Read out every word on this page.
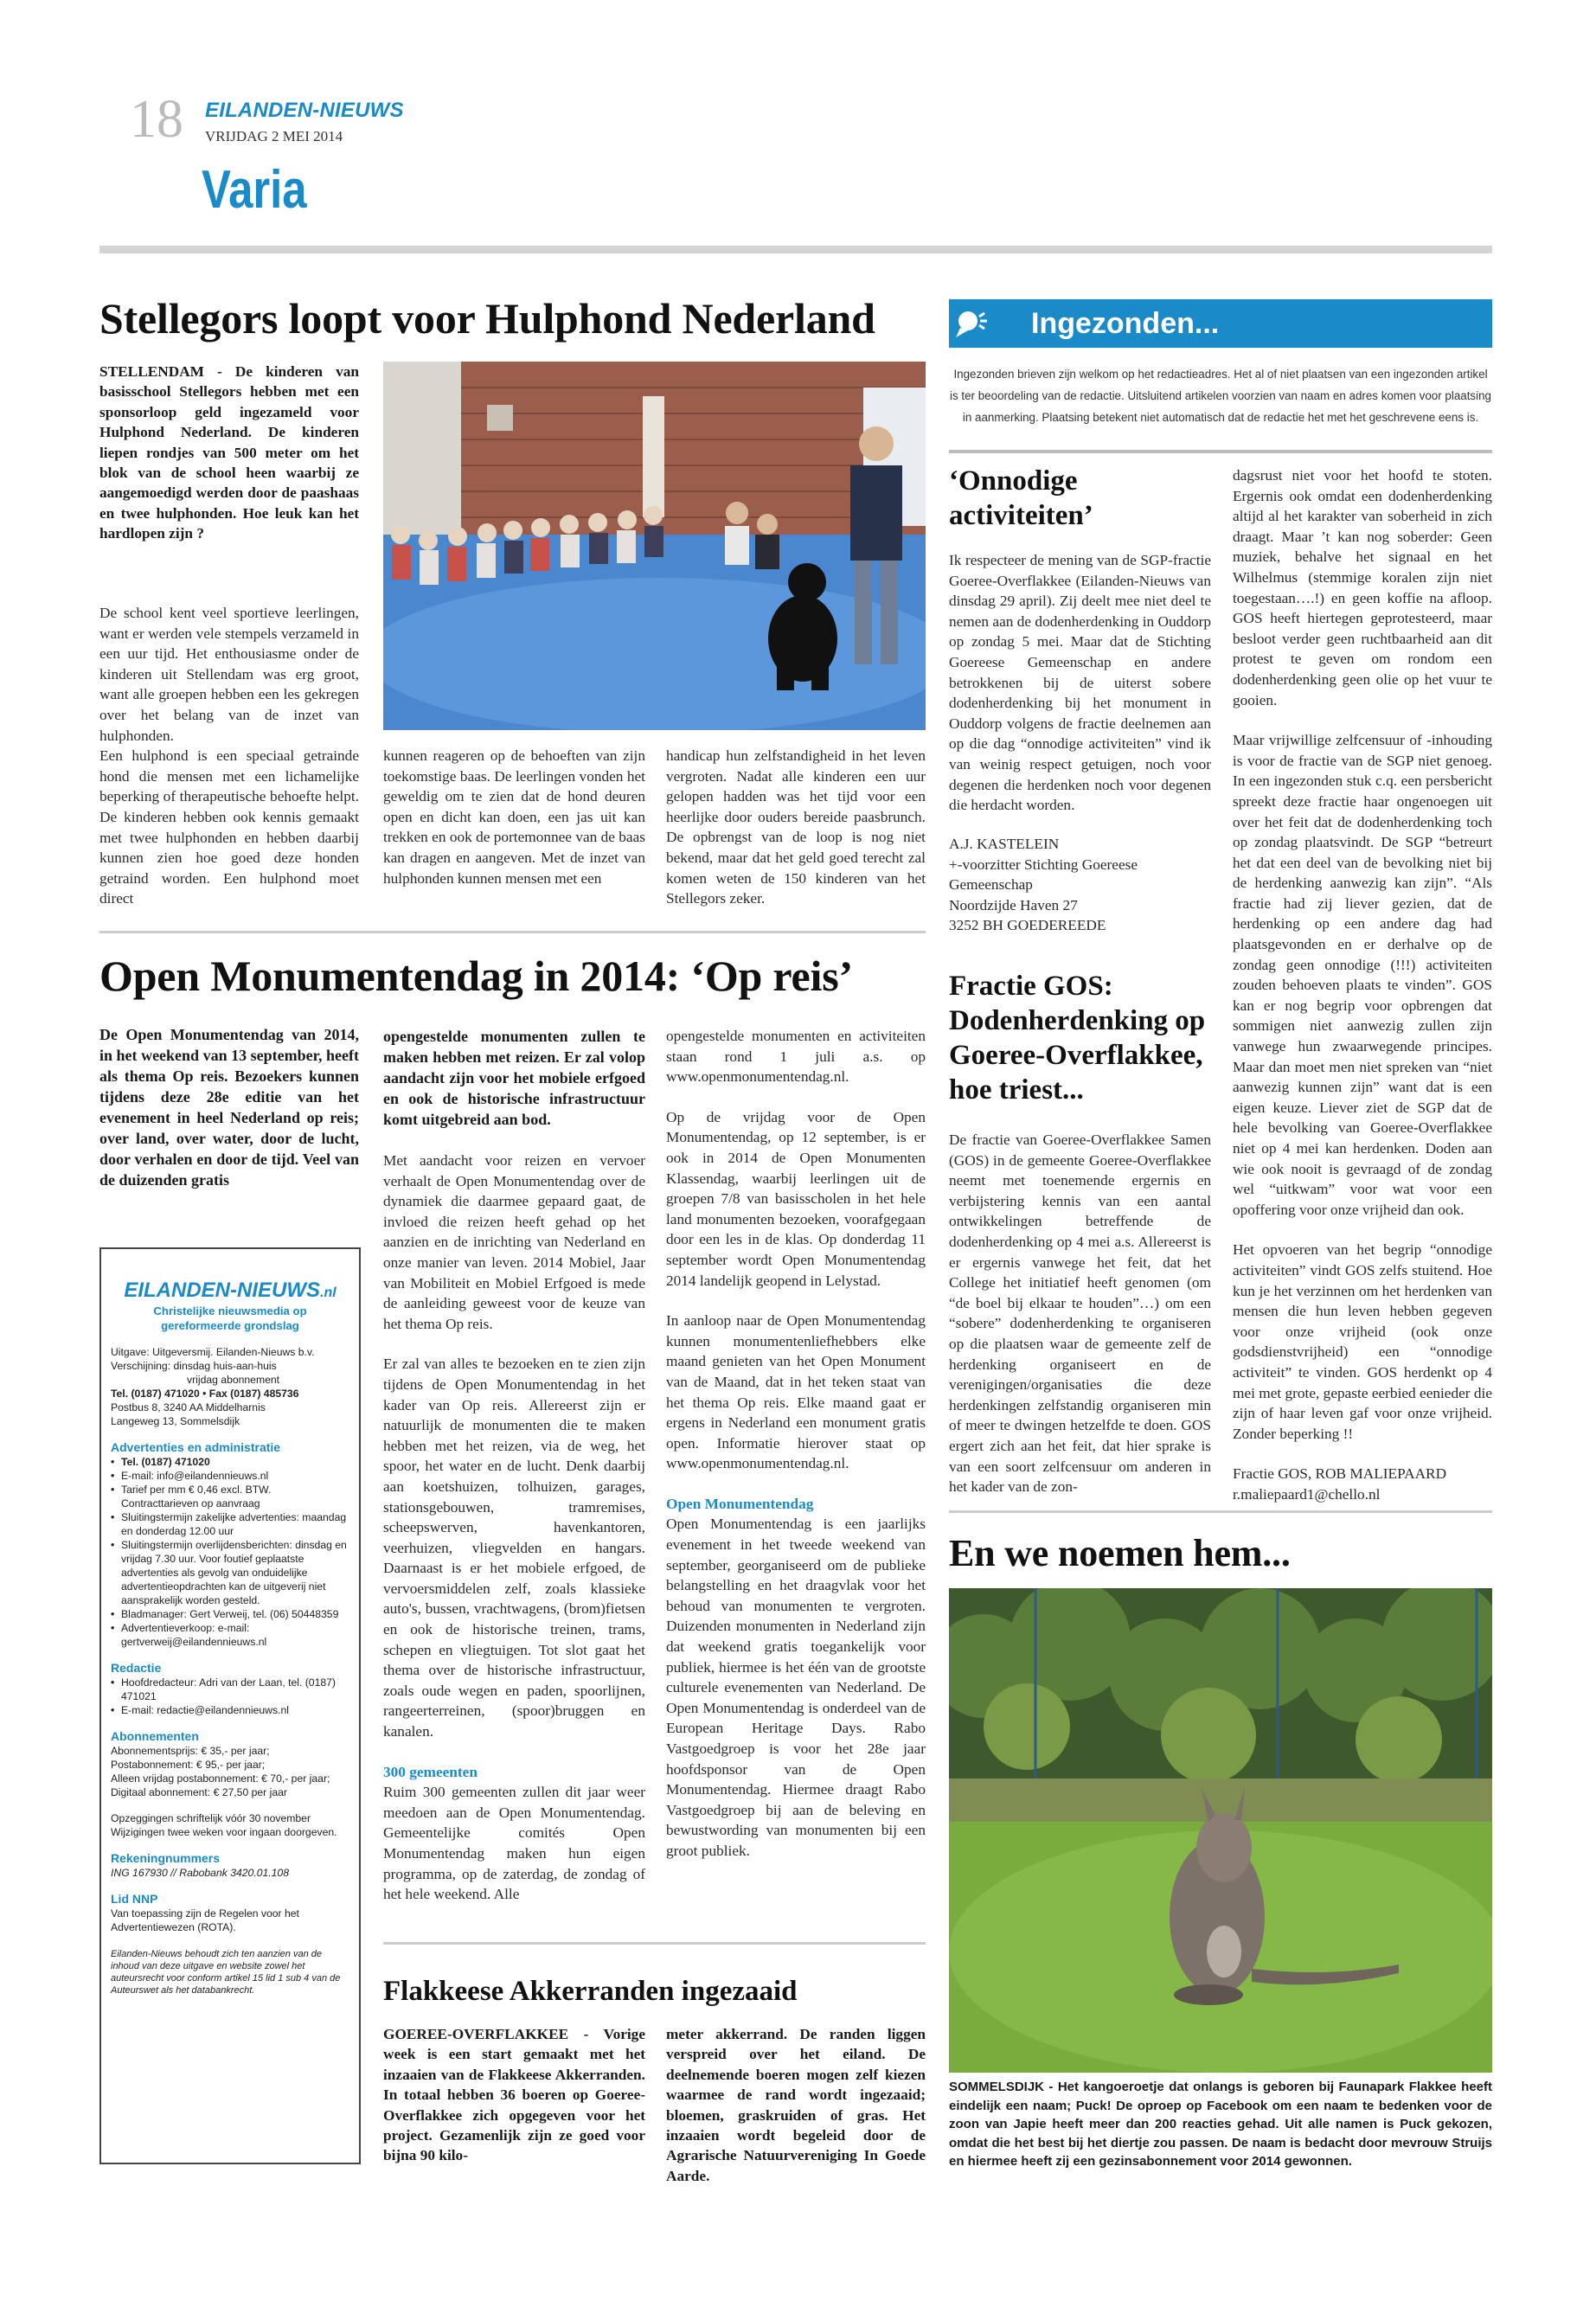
18 EILANDEN-NIEUWS
VRIJDAG 2 MEI 2014
Varia
Stellegors loopt voor Hulphond Nederland
STELLENDAM - De kinderen van basisschool Stellegors hebben met een sponsorloop geld ingezameld voor Hulphond Nederland. De kinderen liepen rondjes van 500 meter om het blok van de school heen waarbij ze aangemoedigd werden door de paashaas en twee hulphonden. Hoe leuk kan het hardlopen zijn ?

De school kent veel sportieve leerlingen, want er werden vele stempels verzameld in een uur tijd. Het enthousiasme onder de kinderen uit Stellendam was erg groot, want alle groepen hebben een les gekregen over het belang van de inzet van hulphonden.

Een hulphond is een speciaal getrainde hond die mensen met een lichamelijke beperking of therapeutische behoefte helpt. De kinderen hebben ook kennis gemaakt met twee hulphonden en hebben daarbij kunnen zien hoe goed deze honden getraind worden. Een hulphond moet direct

kunnen reageren op de behoeften van zijn toekomstige baas. De leerlingen vonden het geweldig om te zien dat de hond deuren open en dicht kan doen, een jas uit kan trekken en ook de portemonnee van de baas kan dragen en aangeven. Met de inzet van hulphonden kunnen mensen met een
handicap hun zelfstandigheid in het leven vergroten. Nadat alle kinderen een uur gelopen hadden was het tijd voor een heerlijke door ouders bereide paasbrunch. De opbrengst van de loop is nog niet bekend, maar dat het geld goed terecht zal komen weten de 150 kinderen van het Stellegors zeker.
Open Monumentendag in 2014: ‘Op reis’
De Open Monumentendag van 2014, in het weekend van 13 september, heeft als thema Op reis. Bezoekers kunnen tijdens deze 28e editie van het evenement in heel Nederland op reis; over land, over water, door de lucht, door verhalen en door de tijd. Veel van de duizenden gratis
EILANDEN-NIEUWS.nl
Christelijke nieuwsmedia op gereformeerde grondslag
Uitgave: Uitgeversmij. Eilanden-Nieuws b.v.
Verschijning: dinsdag huis-aan-huis
vrijdag abonnement
Tel. (0187) 471020 • Fax (0187) 485736
Postbus 8, 3240 AA Middelharnis
Langeweg 13, Sommelsdijk
Advertenties en administratie
• Tel. (0187) 471020
• E-mail: info@eilandennieuws.nl
• Tarief per mm € 0,46 excl. BTW. Contracttarieven op aanvraag
• Sluitingstermijn zakelijke advertenties: maandag en donderdag 12.00 uur
• Sluitingstermijn overlijdensberichten: dinsdag en vrijdag 7.30 uur. Voor foutief geplaatste advertenties als gevolg van onduidelijke advertentieopdrachten kan de uitgeverij niet aansprakelijk worden gesteld.
• Bladmanager: Gert Verweij, tel. (06) 50448359
• Advertentieverkoop: e-mail: gertverweij@eilandennieuws.nl
Redactie
• Hoofdredacteur: Adri van der Laan, tel. (0187) 471021
• E-mail: redactie@eilandennieuws.nl
Abonnementen
Abonnementsprijs: € 35,- per jaar;
Postabonnement: € 95,- per jaar;
Alleen vrijdag postabonnement: € 70,- per jaar;
Digitaal abonnement: € 27,50 per jaar
Opzeggingen schriftelijk vóór 30 november
Wijzigingen twee weken voor ingaan doorgeven.
Rekeningnummers
ING 167930 // Rabobank 3420.01.108
Lid NNP
Van toepassing zijn de Regelen voor het Advertentiewezen (ROTA).
Eilanden-Nieuws behoudt zich ten aanzien van de inhoud van deze uitgave en website zowel het auteursrecht voor conform artikel 15 lid 1 sub 4 van de Auteurswet als het databankrecht.
opengestelde monumenten zullen te maken hebben met reizen. Er zal volop aandacht zijn voor het mobiele erfgoed en ook de historische infrastructuur komt uitgebreid aan bod.

Met aandacht voor reizen en vervoer verhaalt de Open Monumentendag over de dynamiek die daarmee gepaard gaat, de invloed die reizen heeft gehad op het aanzien en de inrichting van Nederland en onze manier van leven. 2014 Mobiel, Jaar van Mobiliteit en Mobiel Erfgoed is mede de aanleiding geweest voor de keuze van het thema Op reis.

Er zal van alles te bezoeken en te zien zijn tijdens de Open Monumentendag in het kader van Op reis. Allereerst zijn er natuurlijk de monumenten die te maken hebben met het reizen, via de weg, het spoor, het water en de lucht. Denk daarbij aan koetshuizen, tolhuizen, garages, stationsgebouwen, tramremises, scheepswerven, havenkantoren, veerhuizen, vliegvelden en hangars. Daarnaast is er het mobiele erfgoed, de vervoersmiddelen zelf, zoals klassieke auto's, bussen, vrachtwagens, (brom)fietsen en ook de historische treinen, trams, schepen en vliegtuigen. Tot slot gaat het thema over de historische infrastructuur, zoals oude wegen en paden, spoorlijnen, rangeerterreinen, (spoor)bruggen en kanalen.

300 gemeenten

Ruim 300 gemeenten zullen dit jaar weer meedoen aan de Open Monumentendag. Gemeentelijke comités Open Monumentendag maken hun eigen programma, op de zaterdag, de zondag of het hele weekend. Alle

opengestelde monumenten en activiteiten staan rond 1 juli a.s. op www.openmonumentendag.nl.

Op de vrijdag voor de Open Monumentendag, op 12 september, is er ook in 2014 de Open Monumenten Klassendag, waarbij leerlingen uit de groepen 7/8 van basisscholen in het hele land monumenten bezoeken, voorafgegaan door een les in de klas. Op donderdag 11 september wordt Open Monumentendag 2014 landelijk geopend in Lelystad.

In aanloop naar de Open Monumentendag kunnen monumentenliefhebbers elke maand genieten van het Open Monument van de Maand, dat in het teken staat van het thema Op reis. Elke maand gaat er ergens in Nederland een monument gratis open. Informatie hierover staat op www.openmonumentendag.nl.

Open Monumentendag

Open Monumentendag is een jaarlijks evenement in het tweede weekend van september, georganiseerd om de publieke belangstelling en het draagvlak voor het behoud van monumenten te vergroten. Duizenden monumenten in Nederland zijn dat weekend gratis toegankelijk voor publiek, hiermee is het één van de grootste culturele evenementen van Nederland. De Open Monumentendag is onderdeel van de European Heritage Days. Rabo Vastgoedgroep is voor het 28e jaar hoofdsponsor van de Open Monumentendag. Hiermee draagt Rabo Vastgoedgroep bij aan de beleving en bewustwording van monumenten bij een groot publiek.

Flakkeese Akkerranden ingezaaid
GOEREE-OVERFLAKKEE - Vorige week is een start gemaakt met het inzaaien van de Flakkeese Akkerranden. In totaal hebben 36 boeren op Goeree-Overflakkee zich opgegeven voor het project. Gezamenlijk zijn ze goed voor bijna 90 kilo-
meter akkerrand. De randen liggen verspreid over het eiland. De deelnemende boeren mogen zelf kiezen waarmee de rand wordt ingezaaid; bloemen, graskruiden of gras. Het inzaaien wordt begeleid door de Agrarische Natuurvereniging In Goede Aarde.
Ingezonden...
Ingezonden brieven zijn welkom op het redactieadres. Het al of niet plaatsen van een ingezonden artikel is ter beoordeling van de redactie. Uitsluitend artikelen voorzien van naam en adres komen voor plaatsing in aanmerking. Plaatsing betekent niet automatisch dat de redactie het met het geschrevene eens is.
‘Onnodige activiteiten’
Ik respecteer de mening van de SGP-fractie Goeree-Overflakkee (Eilanden-Nieuws van dinsdag 29 april). Zij deelt mee niet deel te nemen aan de dodenherdenking in Ouddorp op zondag 5 mei. Maar dat de Stichting Goereese Gemeenschap en andere betrokkenen bij de uiterst sobere dodenherdenking bij het monument in Ouddorp volgens de fractie deelnemen aan op die dag “onnodige activiteiten” vind ik van weinig respect getuigen, noch voor degenen die herdenken noch voor degenen die herdacht worden.
A.J. KASTELEIN
+-voorzitter Stichting Goereese Gemeenschap
Noordzijde Haven 27
3252 BH GOEDEREEDE
Fractie GOS: Dodenherdenking op Goeree-Overflakkee, hoe triest...
De fractie van Goeree-Overflakkee Samen (GOS) in de gemeente Goeree-Overflakkee neemt met toenemende ergernis en verbijstering kennis van een aantal ontwikkelingen betreffende de dodenherdenking op 4 mei a.s. Allereerst is er ergernis vanwege het feit, dat het College het initiatief heeft genomen (om “de boel bij elkaar te houden”…) om een “sobere” dodenherdenking te organiseren op die plaatsen waar de gemeente zelf de herdenking organiseert en de verenigingen/organisaties die deze herdenkingen zelfstandig organiseren min of meer te dwingen hetzelfde te doen. GOS ergert zich aan het feit, dat hier sprake is van een soort zelfcensuur om anderen in het kader van de zon-

dagsrust niet voor het hoofd te stoten. Ergernis ook omdat een dodenherdenking altijd al het karakter van soberheid in zich draagt. Maar ’t kan nog soberder: Geen muziek, behalve het signaal en het Wilhelmus (stemmige koralen zijn niet toegestaan….!) en geen koffie na afloop. GOS heeft hiertegen geprotesteerd, maar besloot verder geen ruchtbaarheid aan dit protest te geven om rondom een dodenherdenking geen olie op het vuur te gooien.

Maar vrijwillige zelfcensuur of -inhouding is voor de fractie van de SGP niet genoeg. In een ingezonden stuk c.q. een persbericht spreekt deze fractie haar ongenoegen uit over het feit dat de dodenherdenking toch op zondag plaatsvindt. De SGP “betreurt het dat een deel van de bevolking niet bij de herdenking aanwezig kan zijn”. “Als fractie had zij liever gezien, dat de herdenking op een andere dag had plaatsgevonden en er derhalve op de zondag geen onnodige (!!!) activiteiten zouden behoeven plaats te vinden”. GOS kan er nog begrip voor opbrengen dat sommigen niet aanwezig zullen zijn vanwege hun zwaarwegende principes. Maar dan moet men niet spreken van “niet aanwezig kunnen zijn” want dat is een eigen keuze. Liever ziet de SGP dat de hele bevolking van Goeree-Overflakkee niet op 4 mei kan herdenken. Doden aan wie ook nooit is gevraagd of de zondag wel “uitkwam” voor wat voor een opoffering voor onze vrijheid dan ook.

Het opvoeren van het begrip “onnodige activiteiten” vindt GOS zelfs stuitend. Hoe kun je het verzinnen om het herdenken van mensen die hun leven hebben gegeven voor onze vrijheid (ook onze godsdienstvrijheid) een “onnodige activiteit” te vinden. GOS herdenkt op 4 mei met grote, gepaste eerbied eenieder die zijn of haar leven gaf voor onze vrijheid. Zonder beperking !!

Fractie GOS, ROB MALIEPAARD
r.maliepaard1@chello.nl
En we noemen hem...
SOMMELSDIJK - Het kangoeroetje dat onlangs is geboren bij Faunapark Flakkee heeft eindelijk een naam; Puck! De oproep op Facebook om een naam te bedenken voor de zoon van Japie heeft meer dan 200 reacties gehad. Uit alle namen is Puck gekozen, omdat die het best bij het diertje zou passen. De naam is bedacht door mevrouw Struijs en hiermee heeft zij een gezinsabonnement voor 2014 gewonnen.
